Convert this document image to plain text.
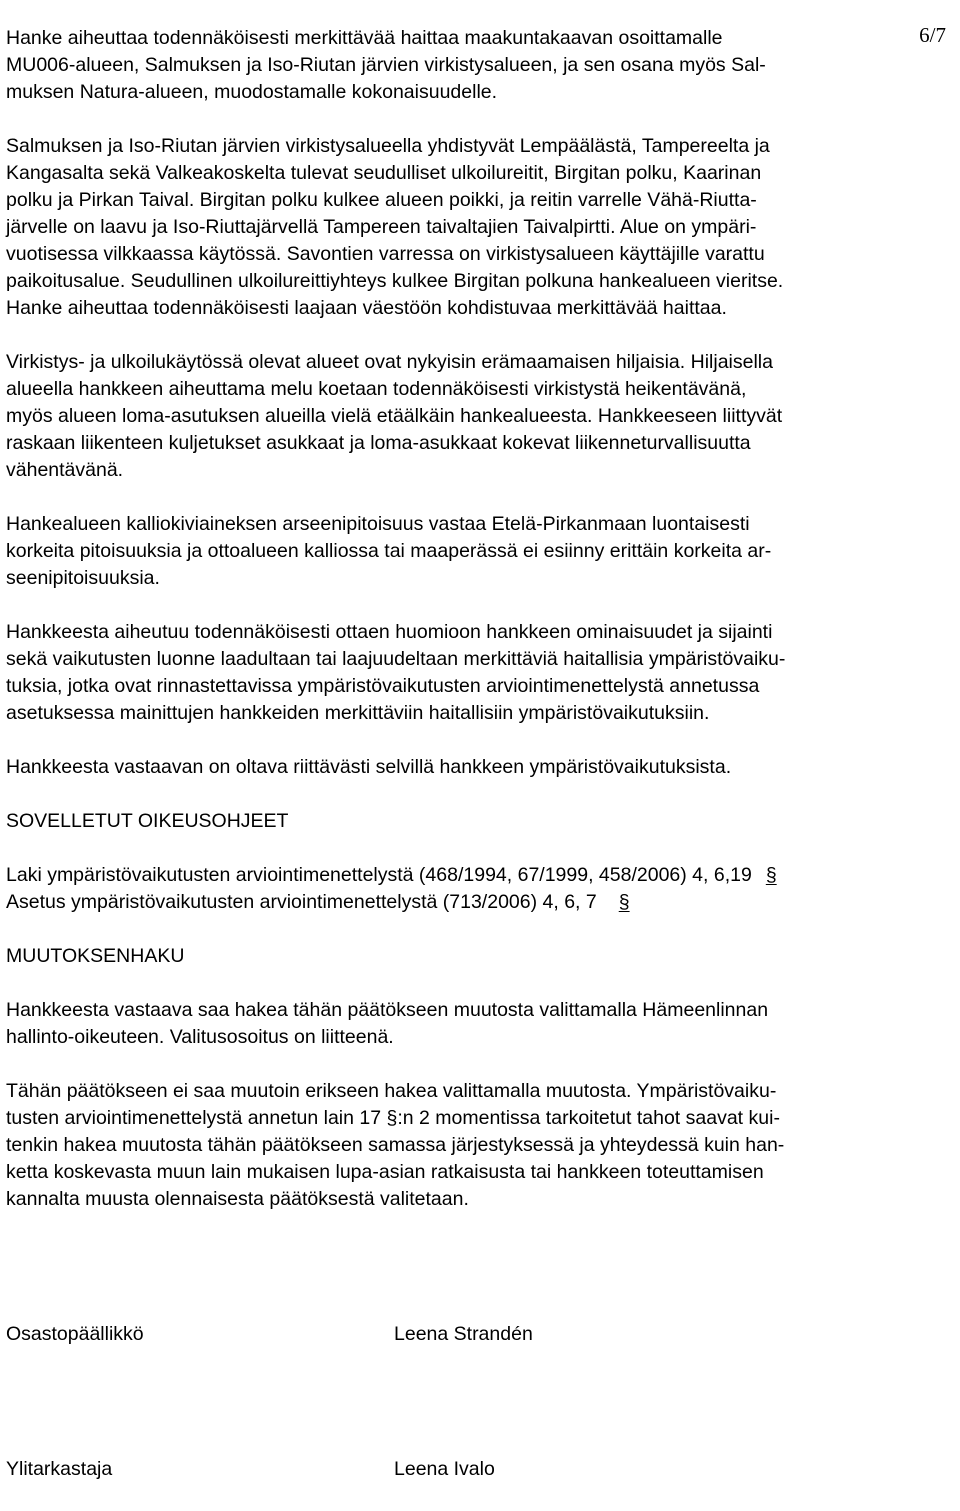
6/7
Hanke aiheuttaa todennäköisesti merkittävää haittaa maakuntakaavan osoittamalle
MU006-alueen, Salmuksen ja Iso-Riutan järvien virkistysalueen, ja sen osana myös Sal-
muksen Natura-alueen, muodostamalle kokonaisuudelle.
Salmuksen ja Iso-Riutan järvien virkistysalueella yhdistyvät Lempäälästä, Tampereelta ja
Kangasalta sekä Valkeakoskelta tulevat seudulliset ulkoilureitit, Birgitan polku, Kaarinan
polku ja Pirkan Taival. Birgitan polku kulkee alueen poikki, ja reitin varrelle Vähä-Riutta-
järvelle on laavu ja Iso-Riuttajärvellä Tampereen taivaltajien Taivalpirtti. Alue on ympäri-
vuotisessa vilkkaassa käytössä. Savontien varressa on virkistysalueen käyttäjille varattu
paikoitusalue. Seudullinen ulkoilureittiyhteys kulkee Birgitan polkuna hankealueen vieritse.
Hanke aiheuttaa todennäköisesti laajaan väestöön kohdistuvaa merkittävää haittaa.
Virkistys- ja ulkoilukäytössä olevat alueet ovat nykyisin erämaamaisen hiljaisia. Hiljaisella
alueella hankkeen aiheuttama melu koetaan todennäköisesti virkistystä heikentävänä,
myös alueen loma-asutuksen alueilla vielä etäälkäin hankealueesta. Hankkeeseen liittyvät
raskaan liikenteen kuljetukset asukkaat ja loma-asukkaat kokevat liikenneturvallisuutta
vähentävänä.
Hankealueen kalliokiviaineksen arseenipitoisuus vastaa Etelä-Pirkanmaan luontaisesti
korkeita pitoisuuksia ja ottoalueen kalliossa tai maaperässä ei esiinny erittäin korkeita ar-
seenipitoisuuksia.
Hankkeesta aiheutuu todennäköisesti ottaen huomioon hankkeen ominaisuudet ja sijainti
sekä vaikutusten luonne laadultaan tai laajuudeltaan merkittäviä haitallisia ympäristövaiku-
tuksia, jotka ovat rinnastettavissa ympäristövaikutusten arviointimenettelystä annetussa
asetuksessa mainittujen hankkeiden merkittäviin haitallisiin ympäristövaikutuksiin.
Hankkeesta vastaavan on oltava riittävästi selvillä hankkeen ympäristövaikutuksista.
SOVELLETUT OIKEUSOHJEET
Laki ympäristövaikutusten arviointimenettelystä (468/1994, 67/1999, 458/2006) 4, 6,19 §
Asetus ympäristövaikutusten arviointimenettelystä (713/2006) 4, 6, 7 §
MUUTOKSENHAKU
Hankkeesta vastaava saa hakea tähän päätökseen muutosta valittamalla Hämeenlinnan
hallinto-oikeuteen. Valitusosoitus on liitteenä.
Tähän päätökseen ei saa muutoin erikseen hakea valittamalla muutosta. Ympäristövaiku-
tusten arviointimenettelystä annetun lain 17 §:n 2 momentissa tarkoitetut tahot saavat kui-
tenkin hakea muutosta tähän päätökseen samassa järjestyksessä ja yhteydessä kuin han-
ketta koskevasta muun lain mukaisen lupa-asian ratkaisusta tai hankkeen toteuttamisen
kannalta muusta olennaisesta päätöksestä valitetaan.
Osastopäällikkö	Leena Strandén
Ylitarkastaja	Leena Ivalo
